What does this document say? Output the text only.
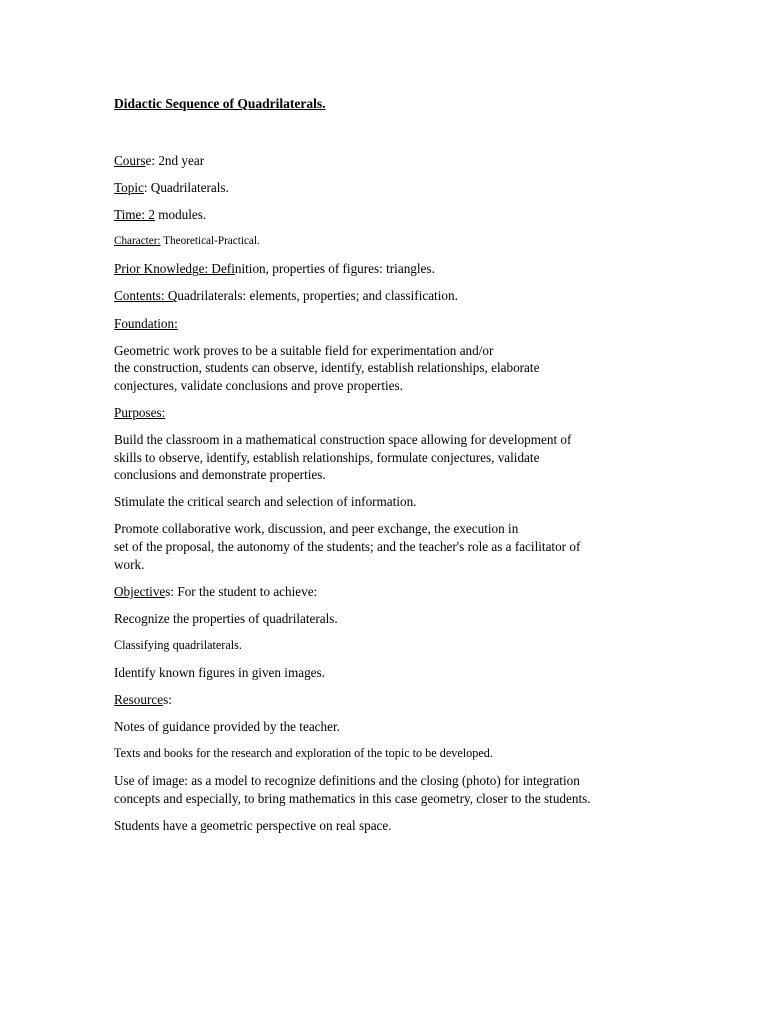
Didactic Sequence of Quadrilaterals.
Course: 2nd year
Topic: Quadrilaterals.
Time: 2 modules.
Character: Theoretical-Practical.
Prior Knowledge: Definition, properties of figures: triangles.
Contents: Quadrilaterals: elements, properties; and classification.
Foundation:
Geometric work proves to be a suitable field for experimentation and/or
the construction, students can observe, identify, establish relationships, elaborate
conjectures, validate conclusions and prove properties.
Purposes:
Build the classroom in a mathematical construction space allowing for development of
skills to observe, identify, establish relationships, formulate conjectures, validate
conclusions and demonstrate properties.
Stimulate the critical search and selection of information.
Promote collaborative work, discussion, and peer exchange, the execution in
set of the proposal, the autonomy of the students; and the teacher's role as a facilitator of
work.
Objectives: For the student to achieve:
Recognize the properties of quadrilaterals.
Classifying quadrilaterals.
Identify known figures in given images.
Resources:
Notes of guidance provided by the teacher.
Texts and books for the research and exploration of the topic to be developed.
Use of image: as a model to recognize definitions and the closing (photo) for integration
concepts and especially, to bring mathematics in this case geometry, closer to the students.
Students have a geometric perspective on real space.
